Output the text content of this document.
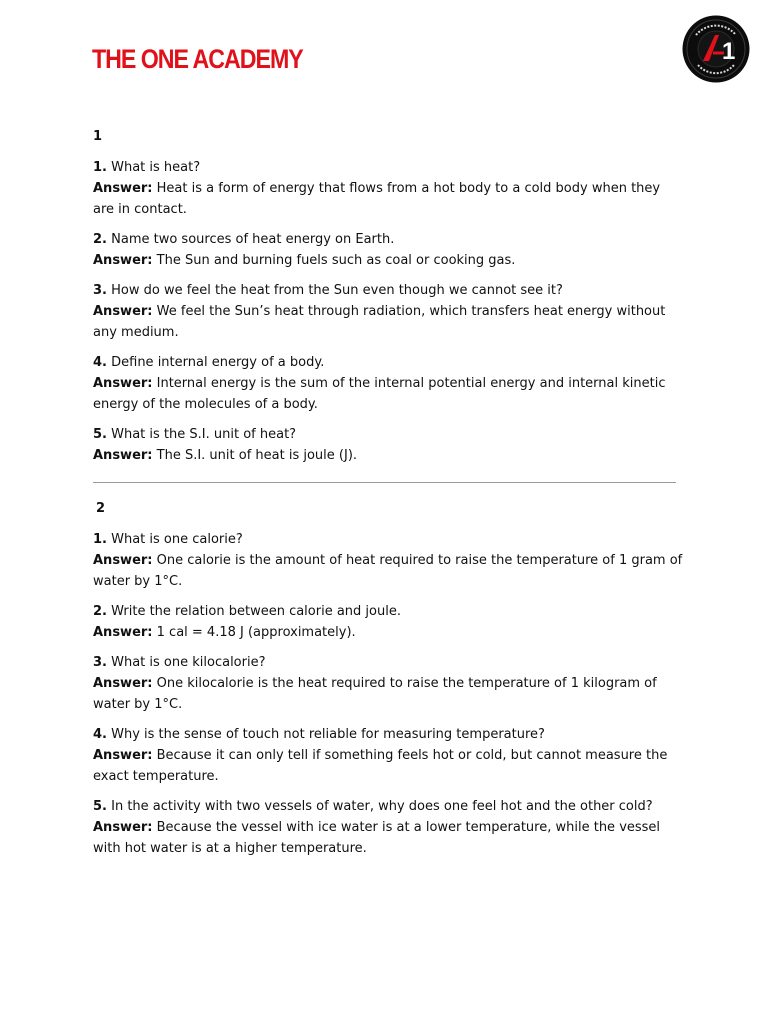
THE ONE ACADEMY	1
1
1. What is heat?
Answer: Heat is a form of energy that flows from a hot body to a cold body when they are in contact.
2. Name two sources of heat energy on Earth.
Answer: The Sun and burning fuels such as coal or cooking gas.
3. How do we feel the heat from the Sun even though we cannot see it?
Answer: We feel the Sun’s heat through radiation, which transfers heat energy without any medium.
4. Define internal energy of a body.
Answer: Internal energy is the sum of the internal potential energy and internal kinetic energy of the molecules of a body.
5. What is the S.I. unit of heat?
Answer: The S.I. unit of heat is joule (J).
2
1. What is one calorie?
Answer: One calorie is the amount of heat required to raise the temperature of 1 gram of water by 1°C.
2. Write the relation between calorie and joule.
Answer: 1 cal = 4.18 J (approximately).
3. What is one kilocalorie?
Answer: One kilocalorie is the heat required to raise the temperature of 1 kilogram of water by 1°C.
4. Why is the sense of touch not reliable for measuring temperature?
Answer: Because it can only tell if something feels hot or cold, but cannot measure the exact temperature.
5. In the activity with two vessels of water, why does one feel hot and the other cold?
Answer: Because the vessel with ice water is at a lower temperature, while the vessel with hot water is at a higher temperature.
